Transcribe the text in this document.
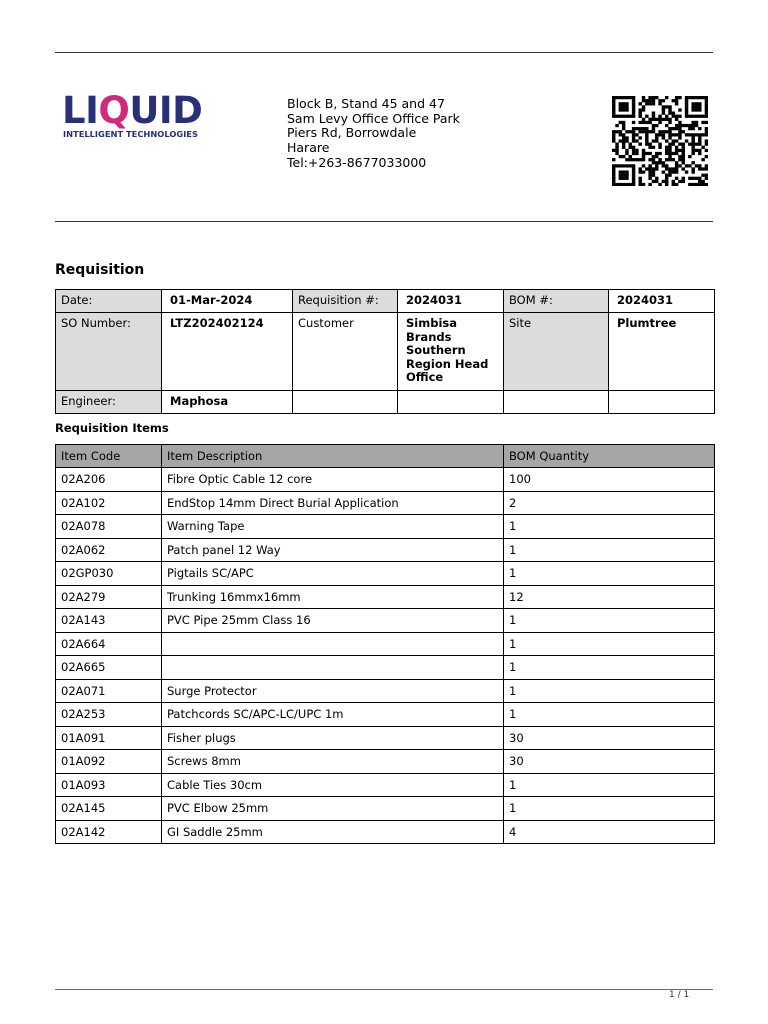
LIQUID
INTELLIGENT TECHNOLOGIES
Block B, Stand 45 and 47
Sam Levy Office Office Park
Piers Rd, Borrowdale
Harare
Tel:+263-8677033000
Requisition
Date:	01-Mar-2024	Requisition #:	2024031	BOM #:	2024031
SO Number:	LTZ202402124	Customer	Simbisa Brands Southern Region Head Office	Site	Plumtree
Engineer:	Maphosa				
Requisition Items
Item Code	Item Description	BOM Quantity
02A206	Fibre Optic Cable 12 core	100
02A102	EndStop 14mm Direct Burial Application	2
02A078	Warning Tape	1
02A062	Patch panel 12 Way	1
02GP030	Pigtails SC/APC	1
02A279	Trunking 16mmx16mm	12
02A143	PVC Pipe 25mm Class 16	1
02A664		1
02A665		1
02A071	Surge Protector	1
02A253	Patchcords SC/APC-LC/UPC 1m	1
01A091	Fisher plugs	30
01A092	Screws 8mm	30
01A093	Cable Ties 30cm	1
02A145	PVC Elbow 25mm	1
02A142	GI Saddle 25mm	4
1 / 1
